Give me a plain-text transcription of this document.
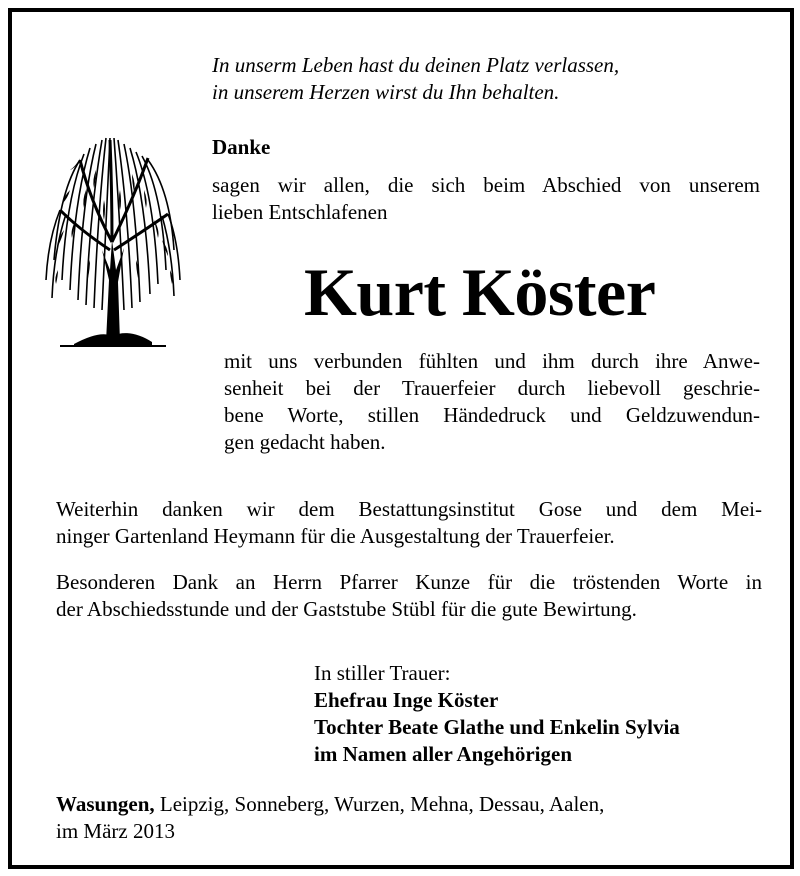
In unserm Leben hast du deinen Platz verlassen,
in unserem Herzen wirst du Ihn behalten.
Danke
sagen wir allen, die sich beim Abschied von unserem
lieben Entschlafenen
Kurt Köster
mit uns verbunden fühlten und ihm durch ihre Anwe-
senheit bei der Trauerfeier durch liebevoll geschrie-
bene Worte, stillen Händedruck und Geldzuwendun-
gen gedacht haben.
Weiterhin danken wir dem Bestattungsinstitut Gose und dem Mei-
ninger Gartenland Heymann für die Ausgestaltung der Trauerfeier.
Besonderen Dank an Herrn Pfarrer Kunze für die tröstenden Worte in
der Abschiedsstunde und der Gaststube Stübl für die gute Bewirtung.
In stiller Trauer:
Ehefrau Inge Köster
Tochter Beate Glathe und Enkelin Sylvia
im Namen aller Angehörigen
Wasungen, Leipzig, Sonneberg, Wurzen, Mehna, Dessau, Aalen,
im März 2013
